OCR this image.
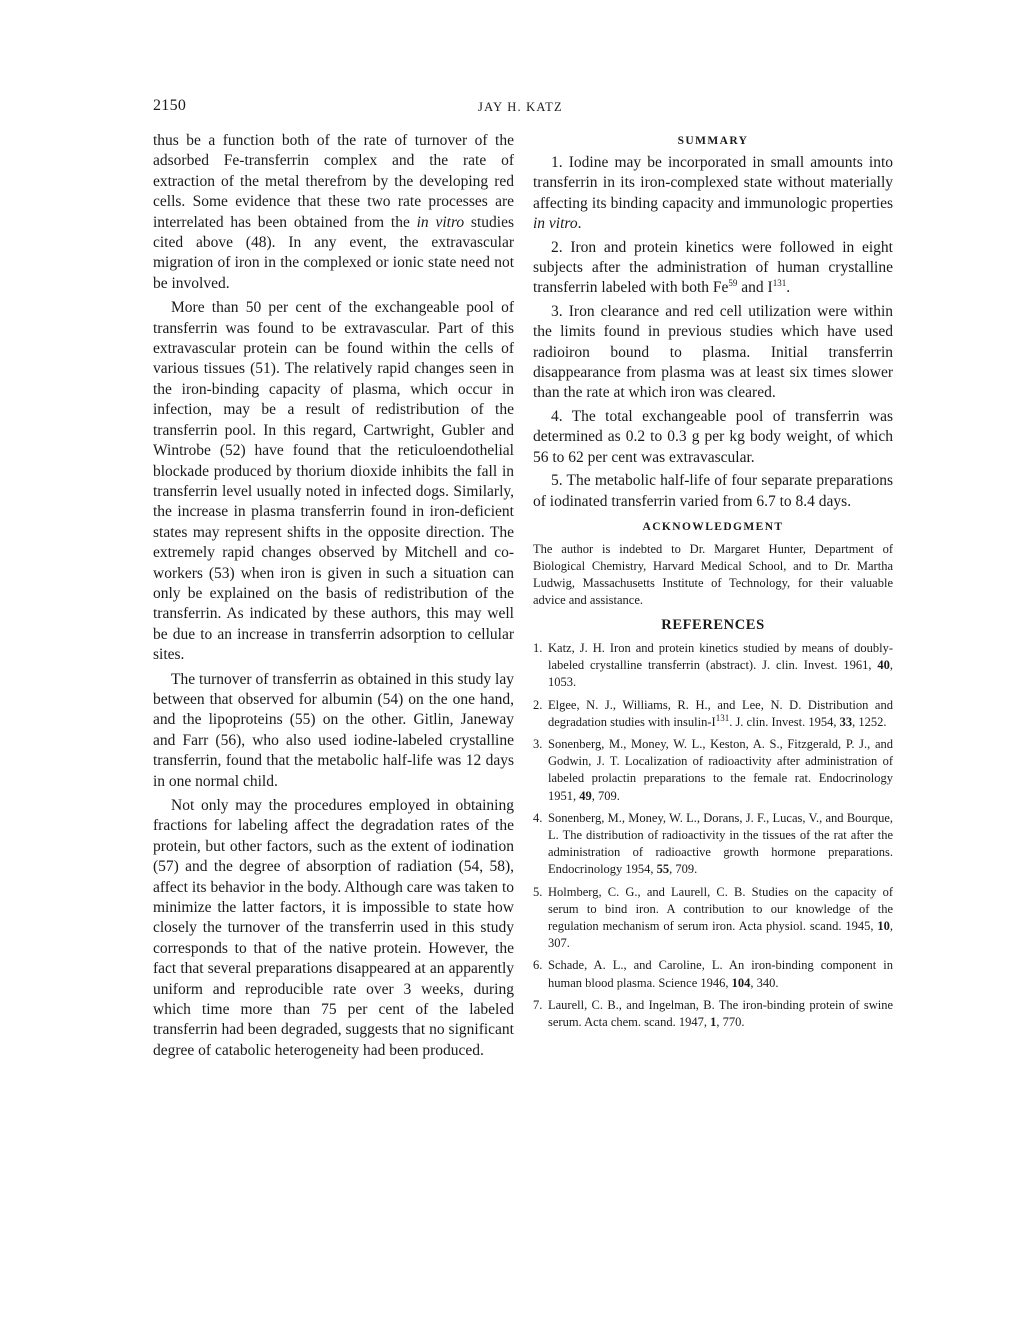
2150	JAY H. KATZ

thus be a function both of the rate of turnover of the adsorbed Fe-transferrin complex and the rate of extraction of the metal therefrom by the developing red cells. Some evidence that these two rate processes are interrelated has been obtained from the in vitro studies cited above (48). In any event, the extravascular migration of iron in the complexed or ionic state need not be involved.

More than 50 per cent of the exchangeable pool of transferrin was found to be extravascular. Part of this extravascular protein can be found within the cells of various tissues (51). The relatively rapid changes seen in the iron-binding capacity of plasma, which occur in infection, may be a result of redistribution of the transferrin pool. In this regard, Cartwright, Gubler and Wintrobe (52) have found that the reticuloendothelial blockade produced by thorium dioxide inhibits the fall in transferrin level usually noted in infected dogs. Similarly, the increase in plasma transferrin found in iron-deficient states may represent shifts in the opposite direction. The extremely rapid changes observed by Mitchell and co-workers (53) when iron is given in such a situation can only be explained on the basis of redistribution of the transferrin. As indicated by these authors, this may well be due to an increase in transferrin adsorption to cellular sites.

The turnover of transferrin as obtained in this study lay between that observed for albumin (54) on the one hand, and the lipoproteins (55) on the other. Gitlin, Janeway and Farr (56), who also used iodine-labeled crystalline transferrin, found that the metabolic half-life was 12 days in one normal child.

Not only may the procedures employed in obtaining fractions for labeling affect the degradation rates of the protein, but other factors, such as the extent of iodination (57) and the degree of absorption of radiation (54, 58), affect its behavior in the body. Although care was taken to minimize the latter factors, it is impossible to state how closely the turnover of the transferrin used in this study corresponds to that of the native protein. However, the fact that several preparations disappeared at an apparently uniform and reproducible rate over 3 weeks, during which time more than 75 per cent of the labeled transferrin had been degraded, suggests that no significant degree of catabolic heterogeneity had been produced.

SUMMARY

1. Iodine may be incorporated in small amounts into transferrin in its iron-complexed state without materially affecting its binding capacity and immunologic properties in vitro.

2. Iron and protein kinetics were followed in eight subjects after the administration of human crystalline transferrin labeled with both Fe$^{59}$ and $I^{131}$.

3. Iron clearance and red cell utilization were within the limits found in previous studies which have used radioiron bound to plasma. Initial transferrin disappearance from plasma was at least six times slower than the rate at which iron was cleared.

4. The total exchangeable pool of transferrin was determined as 0.2 to 0.3 g per kg body weight, of which 56 to 62 per cent was extravascular.

5. The metabolic half-life of four separate preparations of iodinated transferrin varied from 6.7 to 8.4 days.

ACKNOWLEDGMENT

The author is indebted to Dr. Margaret Hunter, Department of Biological Chemistry, Harvard Medical School, and to Dr. Martha Ludwig, Massachusetts Institute of Technology, for their valuable advice and assistance.

REFERENCES
1. Katz, J. H. Iron and protein kinetics studied by means of doubly-labeled crystalline transferrin (abstract). J. clin. Invest. 1961, 40, 1053.
2. Elgee, N. J., Williams, R. H., and Lee, N. D. Distribution and degradation studies with insulin-$I^{131}$. J. clin. Invest. 1954, 33, 1252.
3. Sonenberg, M., Money, W. L., Keston, A. S., Fitzgerald, P. J., and Godwin, J. T. Localization of radioactivity after administration of labeled prolactin preparations to the female rat. Endocrinology 1951, 49, 709.
4. Sonenberg, M., Money, W. L., Dorans, J. F., Lucas, V., and Bourque, L. The distribution of radioactivity in the tissues of the rat after the administration of radioactive growth hormone preparations. Endocrinology 1954, 55, 709.
5. Holmberg, C. G., and Laurell, C. B. Studies on the capacity of serum to bind iron. A contribution to our knowledge of the regulation mechanism of serum iron. Acta physiol. scand. 1945, 10, 307.
6. Schade, A. L., and Caroline, L. An iron-binding component in human blood plasma. Science 1946, 104, 340.
7. Laurell, C. B., and Ingelman, B. The iron-binding protein of swine serum. Acta chem. scand. 1947, 1, 770.
